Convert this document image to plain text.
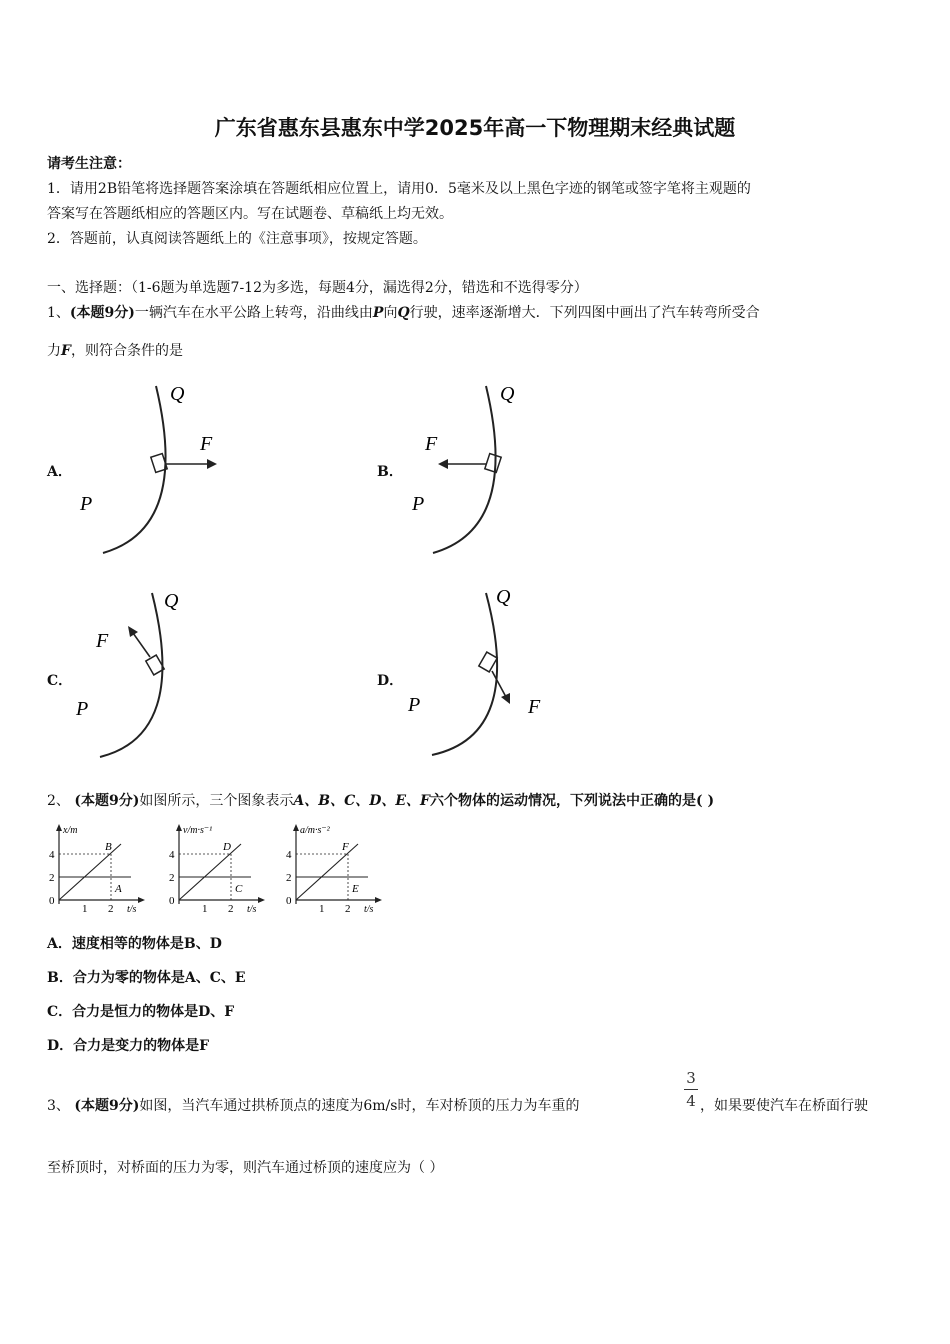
广东省惠东县惠东中学2025年高一下物理期末经典试题
请考生注意：
1．请用2B铅笔将选择题答案涂填在答题纸相应位置上，请用0．5毫米及以上黑色字迹的钢笔或签字笔将主观题的
答案写在答题纸相应的答题区内。写在试题卷、草稿纸上均无效。
2．答题前，认真阅读答题纸上的《注意事项》，按规定答题。
一、选择题：（1-6题为单选题7-12为多选，每题4分，漏选得2分，错选和不选得零分）
1、(本题9分)一辆汽车在水平公路上转弯，沿曲线由P向Q行驶，速率逐渐增大．下列四图中画出了汽车转弯所受合
力F，则符合条件的是
A．
Q
F
P
B．
Q
F
P
C．
Q
F
P
D．
Q
F
P
2、 (本题9分)如图所示，三个图象表示A、B、C、D、E、F六个物体的运动情况，下列说法中正确的是( )
x/m
4
2
0
1 2 t/s
B
A
v/m·s⁻¹
4
2
0
1 2 t/s
D
C
a/m·s⁻²
4
2
0
1 2 t/s
F
E
A．速度相等的物体是B、D
B．合力为零的物体是A、C、E
C．合力是恒力的物体是D、F
D．合力是变力的物体是F
3、 (本题9分)如图，当汽车通过拱桥顶点的速度为6m/s时，车对桥顶的压力为车重的
3
4 ，如果要使汽车在桥面行驶
至桥顶时，对桥面的压力为零，则汽车通过桥顶的速度应为（ ）
